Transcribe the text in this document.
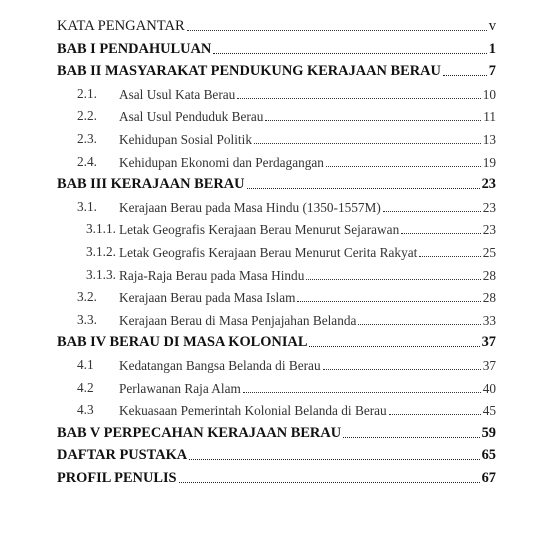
KATA PENGANTAR	v
BAB I PENDAHULUAN	1
BAB II MASYARAKAT PENDUKUNG KERAJAAN BERAU	7
2.1. Asal Usul Kata Berau	10
2.2. Asal Usul Penduduk Berau	11
2.3. Kehidupan Sosial Politik	13
2.4. Kehidupan Ekonomi dan Perdagangan	19
BAB III KERAJAAN BERAU	23
3.1. Kerajaan Berau pada Masa Hindu (1350-1557M)	23
3.1.1. Letak Geografis Kerajaan Berau Menurut Sejarawan	23
3.1.2. Letak Geografis Kerajaan Berau Menurut Cerita Rakyat	25
3.1.3. Raja-Raja Berau pada Masa Hindu	28
3.2. Kerajaan Berau pada Masa Islam	28
3.3. Kerajaan Berau di Masa Penjajahan Belanda	33
BAB IV BERAU DI MASA KOLONIAL	37
4.1 Kedatangan Bangsa Belanda di Berau	37
4.2 Perlawanan Raja Alam	40
4.3 Kekuasaan Pemerintah Kolonial Belanda di Berau	45
BAB V PERPECAHAN KERAJAAN BERAU	59
DAFTAR PUSTAKA	65
PROFIL PENULIS	67
